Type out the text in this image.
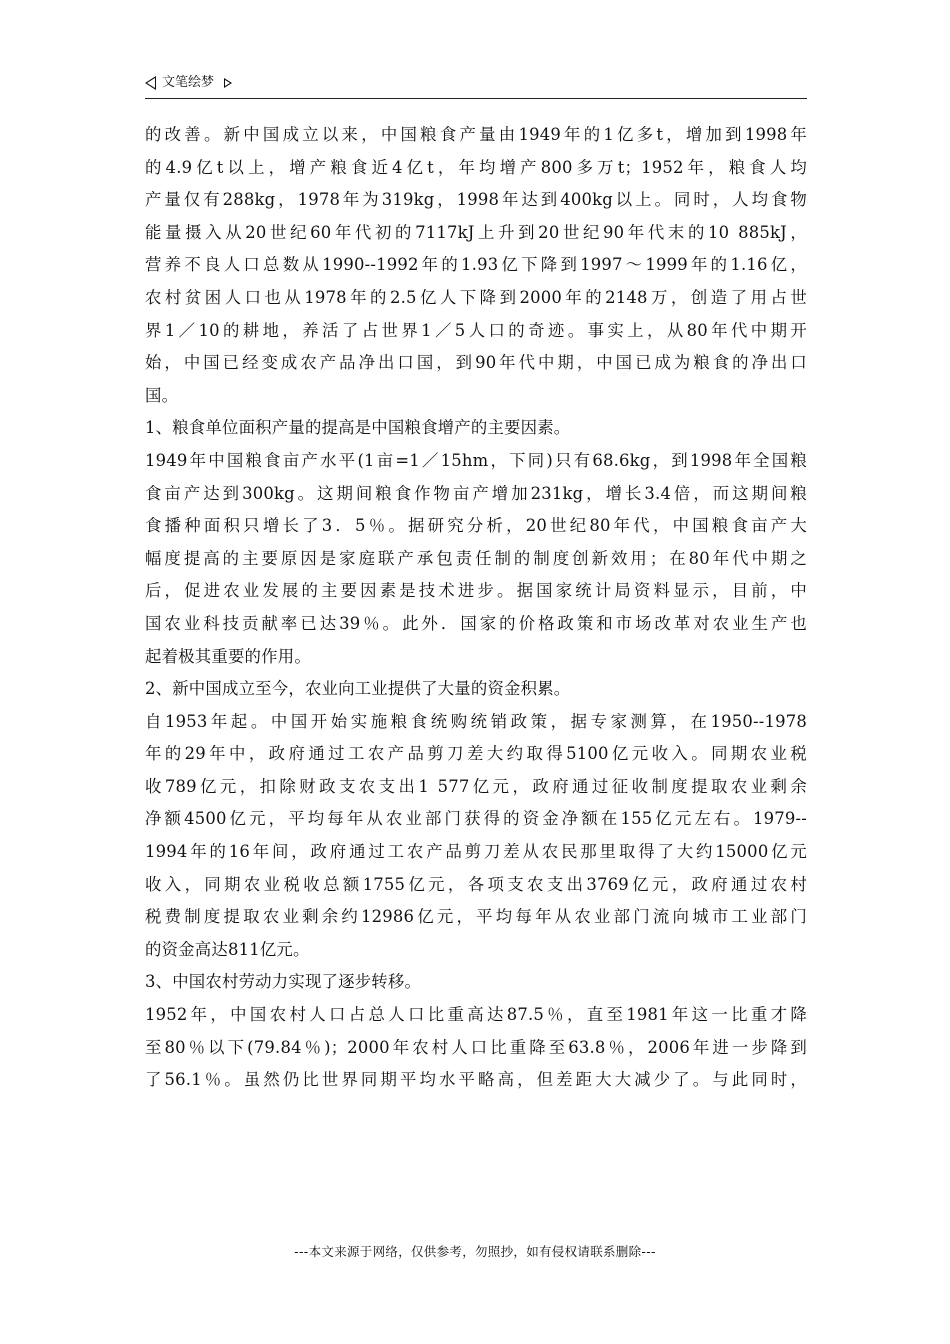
文笔绘梦
的改善。新中国成立以来，中国粮食产量由1949年的1亿多t，增加到1998年
的4.9亿t以上，增产粮食近4亿t，年均增产800多万t；1952年，粮食人均
产量仅有288kg，1978年为319kg，1998年达到400kg以上。同时，人均食物
能量摄入从20世纪60年代初的7117kJ上升到20世纪90年代末的10 885kJ，
营养不良人口总数从1990--1992年的1.93亿下降到1997～1999年的1.16亿，
农村贫困人口也从1978年的2.5亿人下降到2000年的2148万，创造了用占世
界1／10的耕地，养活了占世界1／5人口的奇迹。事实上，从80年代中期开
始，中国已经变成农产品净出口国，到90年代中期，中国已成为粮食的净出口
国。
1、粮食单位面积产量的提高是中国粮食增产的主要因素。
1949年中国粮食亩产水平(1亩=1／15hm，下同)只有68.6kg，到1998年全国粮
食亩产达到300kg。这期间粮食作物亩产增加231kg，增长3.4倍，而这期间粮
食播种面积只增长了3．5％。据研究分析，20世纪80年代，中国粮食亩产大
幅度提高的主要原因是家庭联产承包责任制的制度创新效用；在80年代中期之
后，促进农业发展的主要因素是技术进步。据国家统计局资料显示，目前，中
国农业科技贡献率已达39％。此外．国家的价格政策和市场改革对农业生产也
起着极其重要的作用。
2、新中国成立至今，农业向工业提供了大量的资金积累。
自1953年起。中国开始实施粮食统购统销政策，据专家测算，在1950--1978
年的29年中，政府通过工农产品剪刀差大约取得5100亿元收入。同期农业税
收789亿元，扣除财政支农支出1 577亿元，政府通过征收制度提取农业剩余
净额4500亿元，平均每年从农业部门获得的资金净额在155亿元左右。1979--
1994年的16年间，政府通过工农产品剪刀差从农民那里取得了大约15000亿元
收入，同期农业税收总额1755亿元，各项支农支出3769亿元，政府通过农村
税费制度提取农业剩余约12986亿元，平均每年从农业部门流向城市工业部门
的资金高达811亿元。
3、中国农村劳动力实现了逐步转移。
1952年，中国农村人口占总人口比重高达87.5％，直至1981年这一比重才降
至80％以下(79.84％)；2000年农村人口比重降至63.8％，2006年进一步降到
了56.1％。虽然仍比世界同期平均水平略高，但差距大大减少了。与此同时，
---本文来源于网络，仅供参考，勿照抄，如有侵权请联系删除---
